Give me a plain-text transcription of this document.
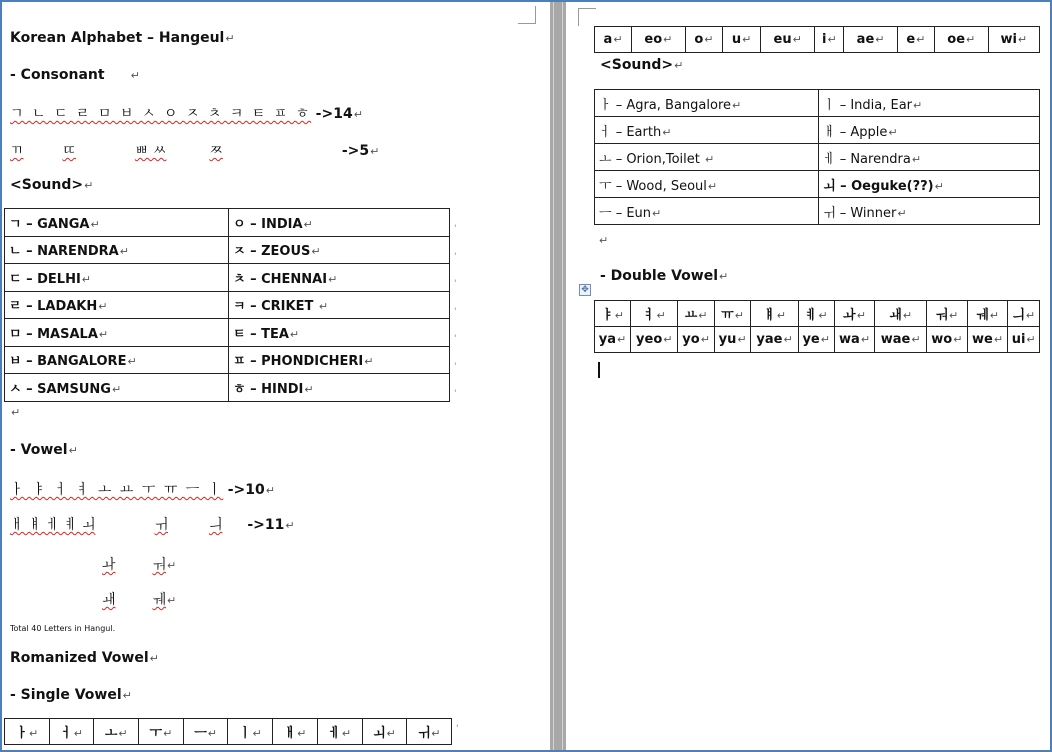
Korean Alphabet – Hangeul↵
- Consonant ↵
ㄱ ㄴ ㄷ ㄹ ㅁ ㅂ ㅅ ㅇ ㅈ ㅊ ㅋ ㅌ ㅍ ㅎ ->14↵
ㄲ	ㄸ	ㅃ ㅆ	ㅉ	->5↵
<Sound>↵
ㄱ – GANGA↵	ㅇ – INDIA↵
ㄴ – NARENDRA↵	ㅈ – ZEOUS↵
ㄷ – DELHI↵	ㅊ – CHENNAI↵
ㄹ – LADAKH↵	ㅋ – CRIKET ↵
ㅁ – MASALA↵	ㅌ – TEA↵
ㅂ – BANGALORE↵	ㅍ – PHONDICHERI↵
ㅅ – SAMSUNG↵	ㅎ – HINDI↵
'
'
'
'
'
'
'
↵
- Vowel↵
ㅏ ㅑ ㅓ ㅕ ㅗ ㅛ ㅜ ㅠ ㅡ ㅣ ->10↵
ㅐ ㅒ ㅔ ㅖ ㅚ	ㅟ	ㅢ ->11↵
ㅘ	ㅝ↵
ㅙ	ㅞ↵
Total 40 Letters in Hangul.
Romanized Vowel↵
- Single Vowel↵
ㅏ↵	ㅓ↵	ㅗ↵	ㅜ↵	ㅡ↵	ㅣ↵	ㅐ↵	ㅔ↵	ㅚ↵	ㅟ↵ '
a↵	eo↵	o↵	u↵	eu↵	i↵	ae↵	e↵	oe↵	wi↵
<Sound>↵
ㅏ – Agra, Bangalore↵	ㅣ – India, Ear↵
ㅓ – Earth↵	ㅐ – Apple↵
ㅗ – Orion,Toilet ↵	ㅔ – Narendra↵
ㅜ – Wood, Seoul↵	ㅚ – Oeguke(??)↵
ㅡ – Eun↵	ㅟ – Winner↵
↵
- Double Vowel↵
✥
ㅑ↵	ㅕ↵	ㅛ↵	ㅠ↵	ㅒ↵	ㅖ↵	ㅘ↵	ㅙ↵	ㅝ↵	ㅞ↵	ㅢ↵
ya↵	yeo↵	yo↵	yu↵	yae↵	ye↵	wa↵	wae↵	wo↵	we↵	ui↵
